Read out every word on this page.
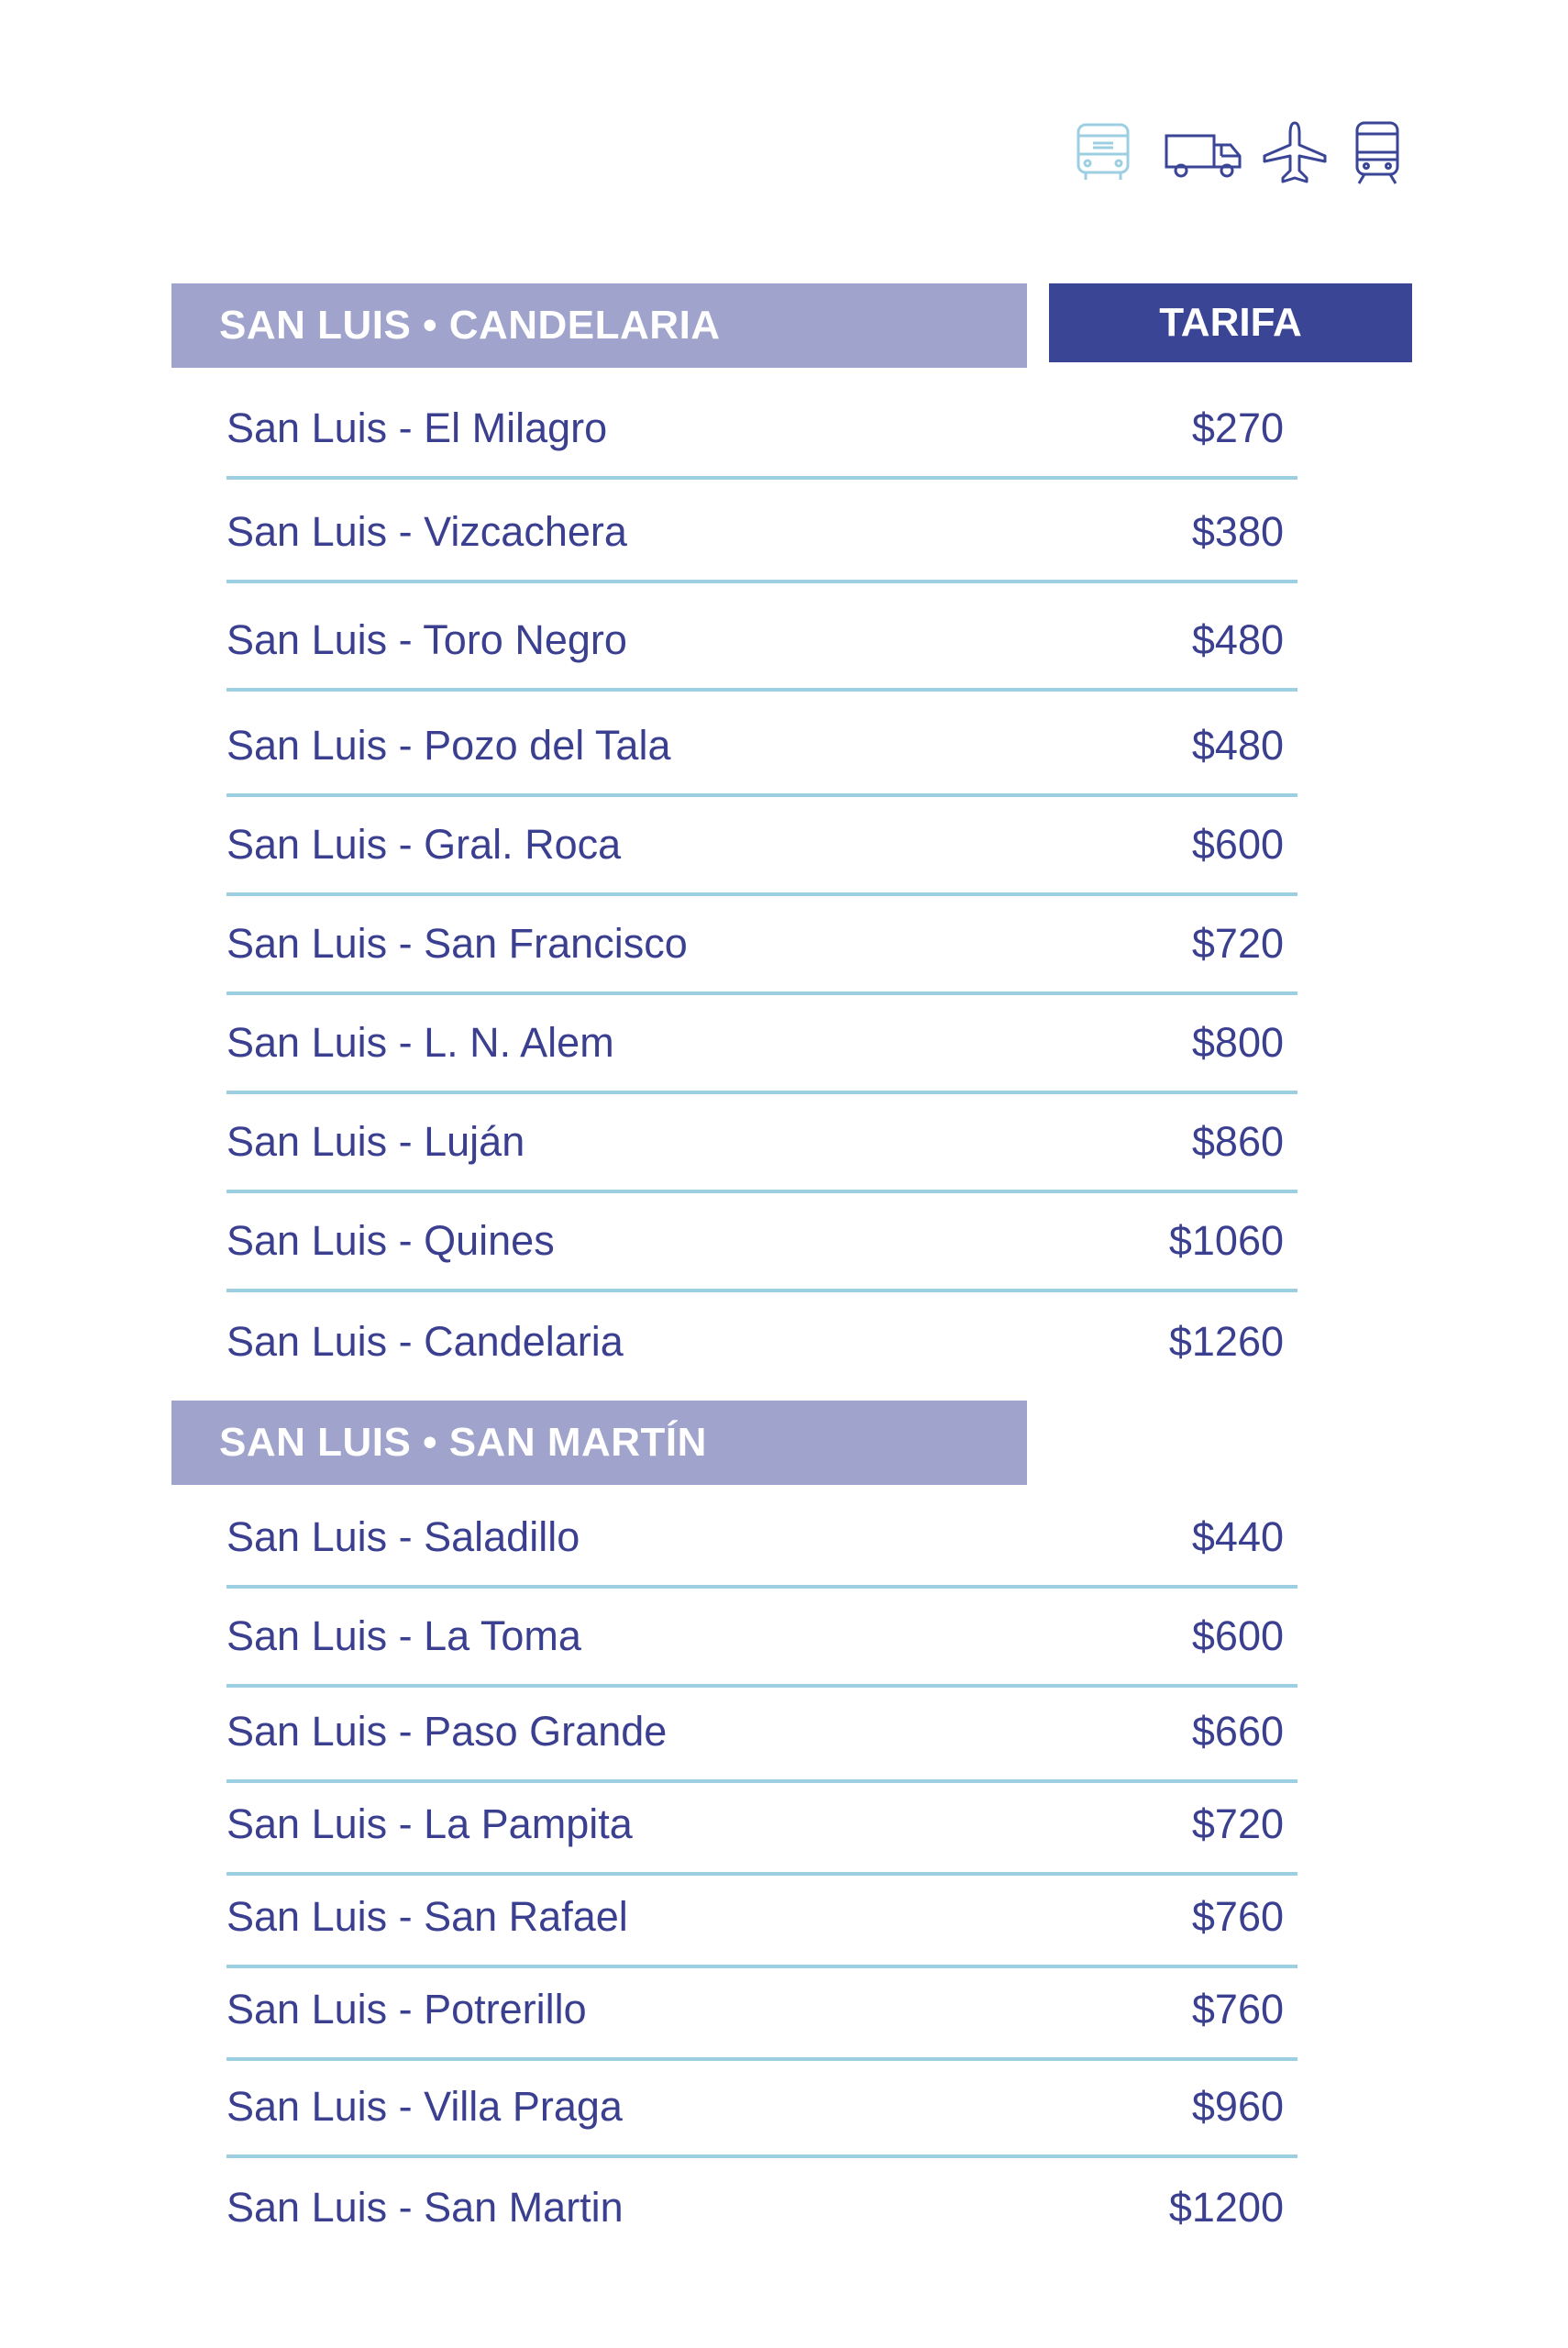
SAN LUIS • CANDELARIA	TARIFA
San Luis - El Milagro	$270
San Luis - Vizcachera	$380
San Luis - Toro Negro	$480
San Luis - Pozo del Tala	$480
San Luis - Gral. Roca	$600
San Luis - San Francisco	$720
San Luis - L. N. Alem	$800
San Luis - Luján	$860
San Luis - Quines	$1060
San Luis - Candelaria	$1260
SAN LUIS • SAN MARTÍN
San Luis - Saladillo	$440
San Luis - La Toma	$600
San Luis - Paso Grande	$660
San Luis - La Pampita	$720
San Luis - San Rafael	$760
San Luis - Potrerillo	$760
San Luis - Villa Praga	$960
San Luis - San Martin	$1200
